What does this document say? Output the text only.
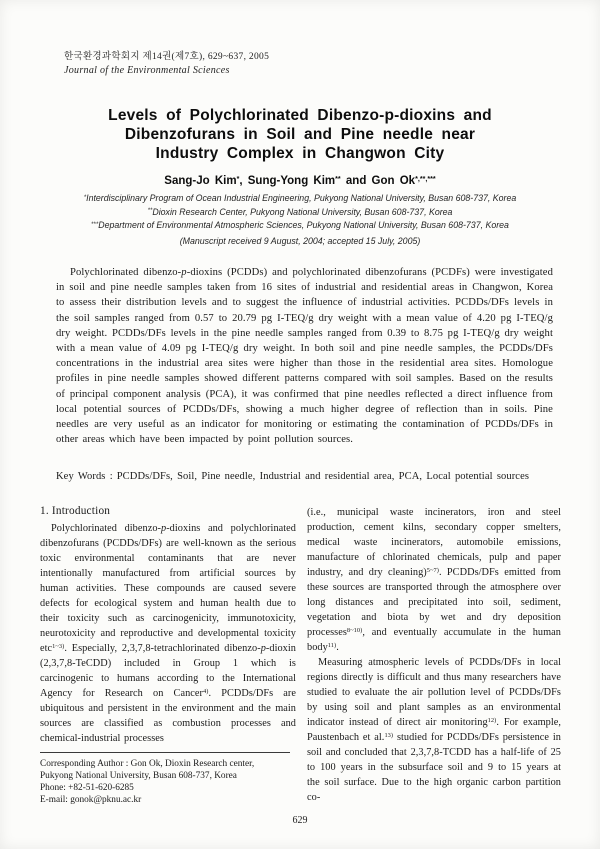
한국환경과학회지 제14권(제7호), 629~637, 2005
Journal of the Environmental Sciences
Levels of Polychlorinated Dibenzo-p-dioxins and
Dibenzofurans in Soil and Pine needle near
Industry Complex in Changwon City
Sang-Jo Kim*, Sung-Yong Kim** and Gon Ok*,**,***
*Interdisciplinary Program of Ocean Industrial Engineering, Pukyong National University, Busan 608-737, Korea
**Dioxin Research Center, Pukyong National University, Busan 608-737, Korea
***Department of Environmental Atmospheric Sciences, Pukyong National University, Busan 608-737, Korea
(Manuscript received 9 August, 2004; accepted 15 July, 2005)
Polychlorinated dibenzo-p-dioxins (PCDDs) and polychlorinated dibenzofurans (PCDFs) were investigated in soil and pine needle samples taken from 16 sites of industrial and residential areas in Changwon, Korea to assess their distribution levels and to suggest the influence of industrial activities. PCDDs/DFs levels in the soil samples ranged from 0.57 to 20.79 pg I-TEQ/g dry weight with a mean value of 4.20 pg I-TEQ/g dry weight. PCDDs/DFs levels in the pine needle samples ranged from 0.39 to 8.75 pg I-TEQ/g dry weight with a mean value of 4.09 pg I-TEQ/g dry weight. In both soil and pine needle samples, the PCDDs/DFs concentrations in the industrial area sites were higher than those in the residential area sites. Homologue profiles in pine needle samples showed different patterns compared with soil samples. Based on the results of principal component analysis (PCA), it was confirmed that pine needles reflected a direct influence from local potential sources of PCDDs/DFs, showing a much higher degree of reflection than in soils. Pine needles are very useful as an indicator for monitoring or estimating the contamination of PCDDs/DFs in other areas which have been impacted by point pollution sources.
Key Words : PCDDs/DFs, Soil, Pine needle, Industrial and residential area, PCA, Local potential sources
1. Introduction

Polychlorinated dibenzo-p-dioxins and polychlorinated dibenzofurans (PCDDs/DFs) are well-known as the serious toxic environmental contaminants that are never intentionally manufactured from artificial sources by human activities. These compounds are caused severe defects for ecological system and human health due to their toxicity such as carcinogenicity, immunotoxicity, neurotoxicity and reproductive and developmental toxicity etc$^{1\sim 3)}$. Especially, 2,3,7,8-tetrachlorinated dibenzo-p-dioxin (2,3,7,8-TeCDD) included in Group 1 which is carcinogenic to humans according to the International Agency for Research on Cancer$^{4)}$. PCDDs/DFs are ubiquitous and persistent in the environment and the main sources are classified as combustion processes and chemical-industrial processes

(i.e., municipal waste incinerators, iron and steel production, cement kilns, secondary copper smelters, medical waste incinerators, automobile emissions, manufacture of chlorinated chemicals, pulp and paper industry, and dry cleaning)$^{5\sim 7)}$. PCDDs/DFs emitted from these sources are transported through the atmosphere over long distances and precipitated into soil, sediment, vegetation and biota by wet and dry deposition processes$^{8\sim 10)}$, and eventually accumulate in the human body$^{11)}$.

Measuring atmospheric levels of PCDDs/DFs in local regions directly is difficult and thus many researchers have studied to evaluate the air pollution level of PCDDs/DFs by using soil and plant samples as an environmental indicator instead of direct air monitoring$^{12)}$. For example, Paustenbach et al.$^{13)}$ studied for PCDDs/DFs persistence in soil and concluded that 2,3,7,8-TCDD has a half-life of 25 to 100 years in the subsurface soil and 9 to 15 years at the soil surface. Due to the high organic carbon partition co-

Corresponding Author : Gon Ok, Dioxin Research center,
Pukyong National University, Busan 608-737, Korea
Phone: +82-51-620-6285
E-mail: gonok@pknu.ac.kr
629
